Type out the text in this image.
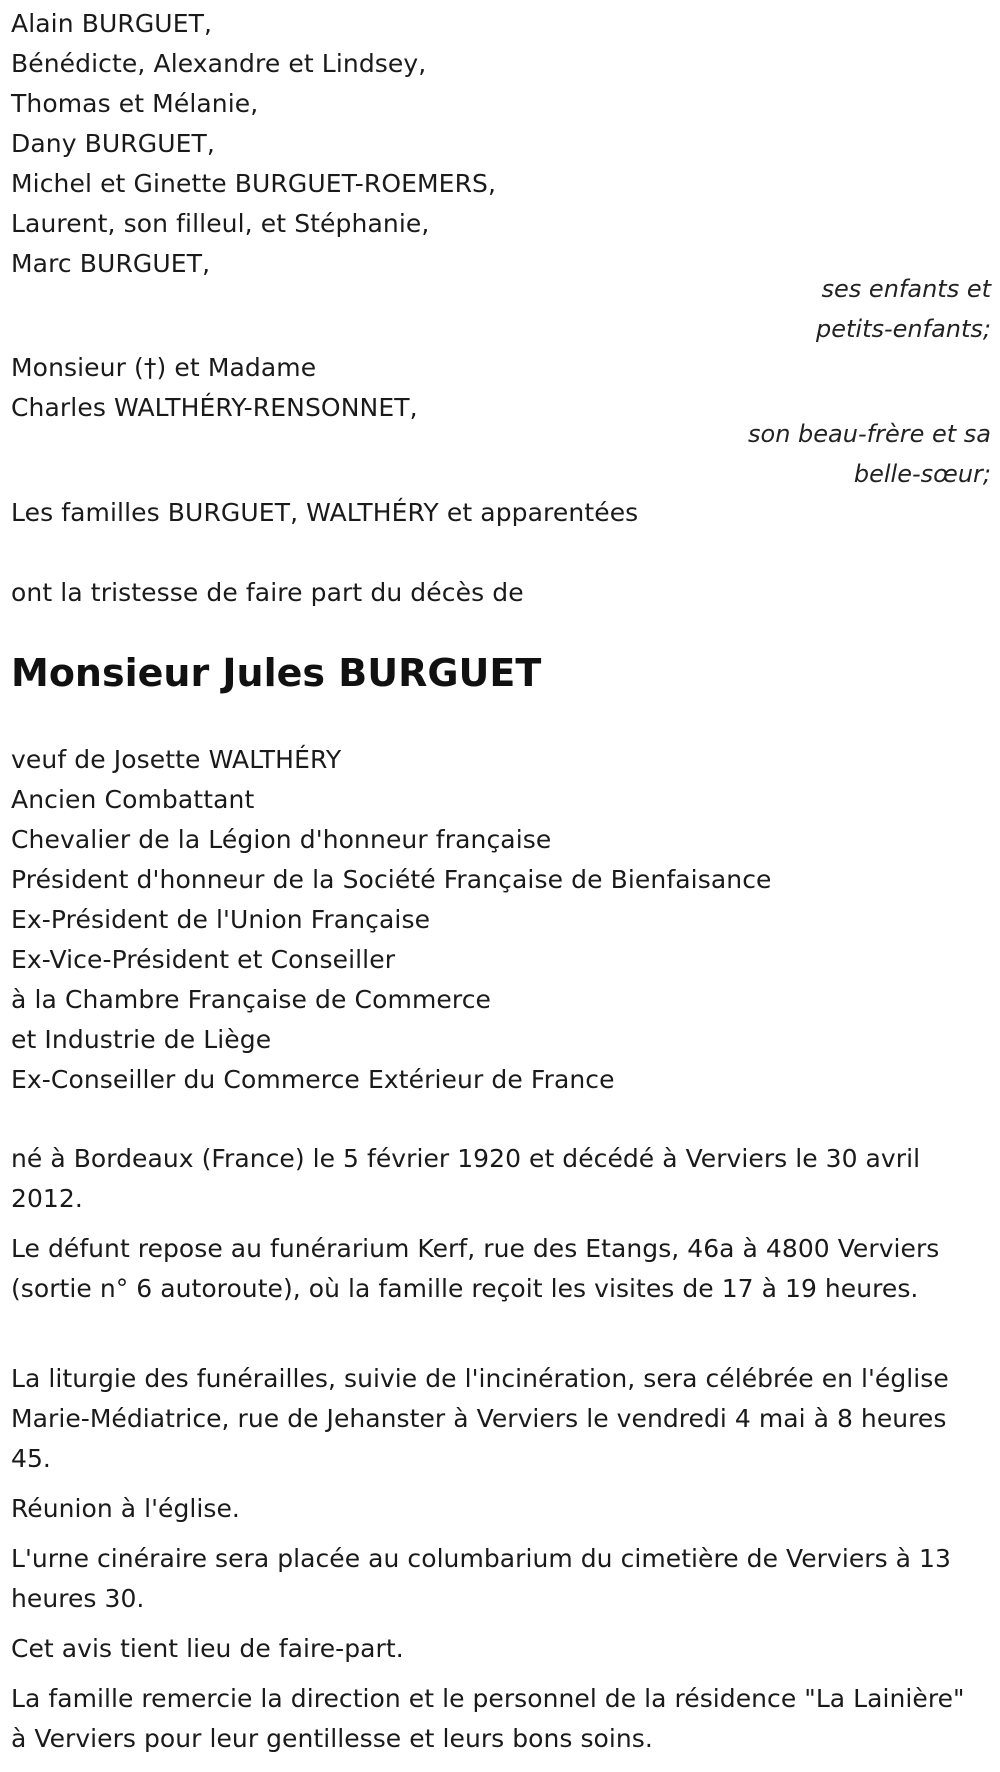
Alain BURGUET,
Bénédicte, Alexandre et Lindsey,
Thomas et Mélanie,
Dany BURGUET,
Michel et Ginette BURGUET-ROEMERS,
Laurent, son filleul, et Stéphanie,
Marc BURGUET,
ses enfants et
petits-enfants;
Monsieur (†) et Madame
Charles WALTHÉRY-RENSONNET,
son beau-frère et sa
belle-sœur;
Les familles BURGUET, WALTHÉRY et apparentées
ont la tristesse de faire part du décès de
Monsieur Jules BURGUET
veuf de Josette WALTHÉRY
Ancien Combattant
Chevalier de la Légion d'honneur française
Président d'honneur de la Société Française de Bienfaisance
Ex-Président de l'Union Française
Ex-Vice-Président et Conseiller
à la Chambre Française de Commerce
et Industrie de Liège
Ex-Conseiller du Commerce Extérieur de France
né à Bordeaux (France) le 5 février 1920 et décédé à Verviers le 30 avril 2012.
Le défunt repose au funérarium Kerf, rue des Etangs, 46a à 4800 Verviers (sortie n° 6 autoroute), où la famille reçoit les visites de 17 à 19 heures.
La liturgie des funérailles, suivie de l'incinération, sera célébrée en l'église Marie-Médiatrice, rue de Jehanster à Verviers le vendredi 4 mai à 8 heures 45.
Réunion à l'église.
L'urne cinéraire sera placée au columbarium du cimetière de Verviers à 13 heures 30.
Cet avis tient lieu de faire-part.
La famille remercie la direction et le personnel de la résidence "La Lainière" à Verviers pour leur gentillesse et leurs bons soins.
